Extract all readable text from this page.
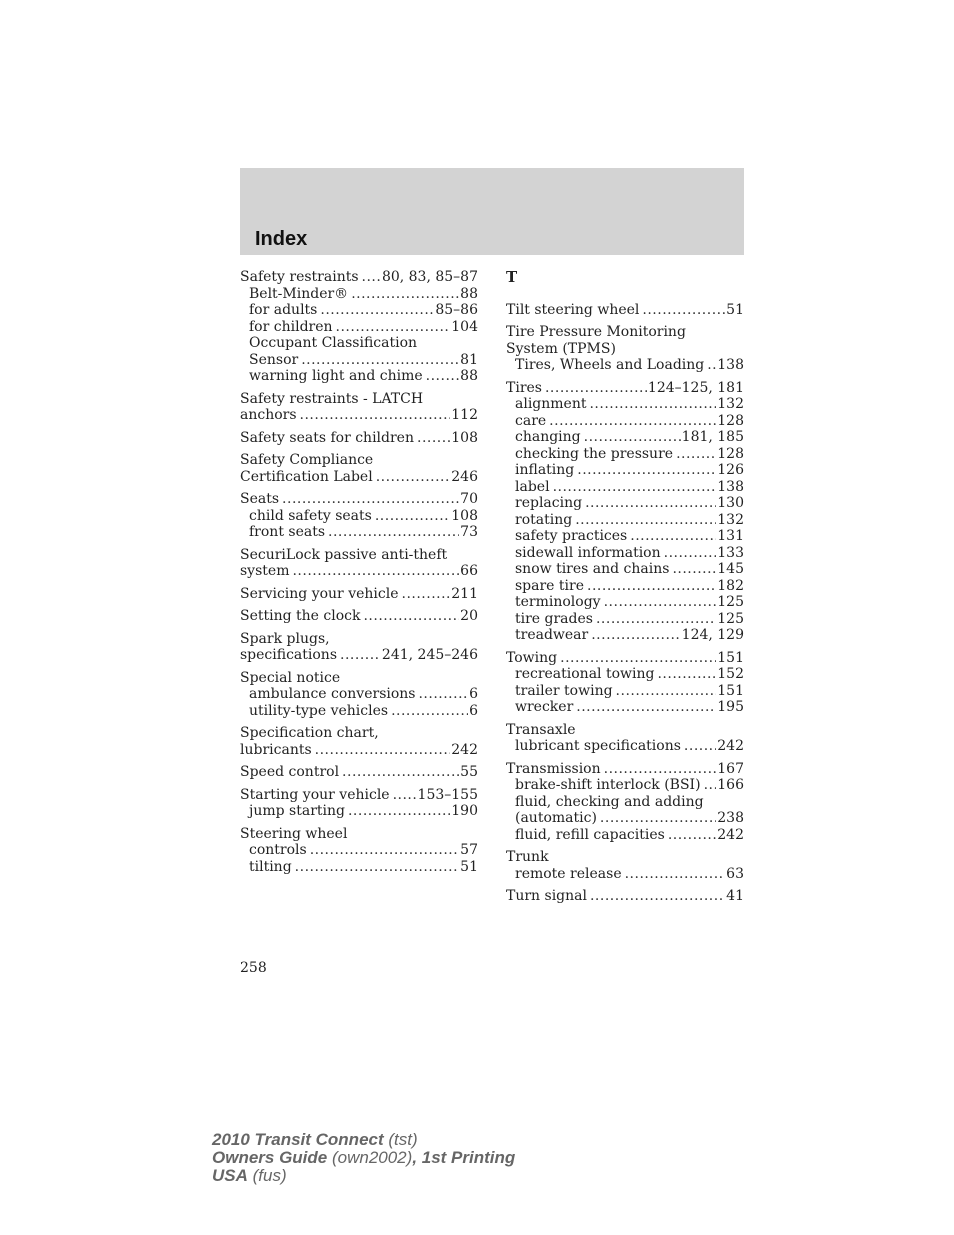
Index
Safety restraints ..... 80, 83, 85–87
Belt-Minder® .....	88
for adults .....	85–86
for children .....	104
Occupant Classification
Sensor .....	81
warning light and chime .....	88
Safety restraints - LATCH
anchors .....	112
Safety seats for children .....	108
Safety Compliance
Certification Label .....	246
Seats .....	70
child safety seats .....	108
front seats .....	73
SecuriLock passive anti-theft
system .....	66
Servicing your vehicle .....	211
Setting the clock .....	20
Spark plugs,
specifications .....	241, 245–246
Special notice
ambulance conversions .....	6
utility-type vehicles .....	6
Specification chart,
lubricants .....	242
Speed control .....	55
Starting your vehicle ..... 153–155
jump starting .....	190
Steering wheel
controls .....	57
tilting .....	51
T
Tilt steering wheel .....	51
Tire Pressure Monitoring
System (TPMS)
Tires, Wheels and Loading ..... 138
Tires .....	124–125, 181
alignment .....	132
care .....	128
changing .....	181, 185
checking the pressure .....	128
inflating .....	126
label .....	138
replacing .....	130
rotating .....	132
safety practices .....	131
sidewall information .....	133
snow tires and chains .....	145
spare tire .....	182
terminology .....	125
tire grades .....	125
treadwear .....	124, 129
Towing .....	151
recreational towing .....	152
trailer towing .....	151
wrecker .....	195
Transaxle
lubricant specifications .....	242
Transmission .....	167
brake-shift interlock (BSI) ..... 166
fluid, checking and adding
(automatic) .....	238
fluid, refill capacities .....	242
Trunk
remote release .....	63
Turn signal .....	41
258
2010 Transit Connect (tst)
Owners Guide (own2002), 1st Printing
USA (fus)
